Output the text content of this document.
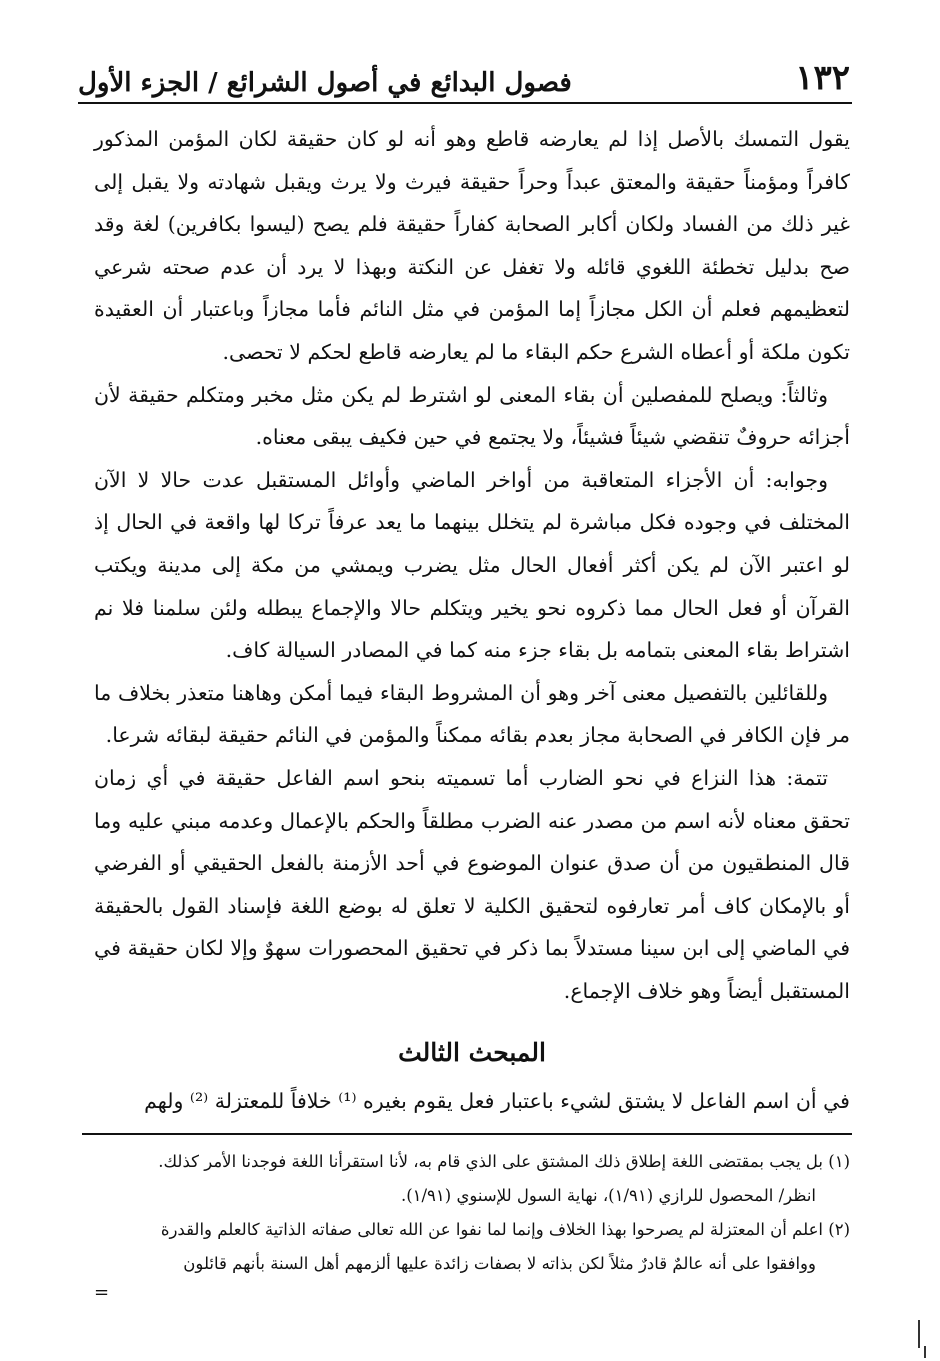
١٣٢
فصول البدائع في أصول الشرائع / الجزء الأول

يقول التمسك بالأصل إذا لم يعارضه قاطع وهو أنه لو كان حقيقة لكان المؤمن المذكور كافراً ومؤمناً حقيقة والمعتق عبداً وحراً حقيقة فيرث ولا يرث ويقبل شهادته ولا يقبل إلى غير ذلك من الفساد ولكان أكابر الصحابة كفاراً حقيقة فلم يصح (ليسوا بكافرين) لغة وقد صح بدليل تخطئة اللغوي قائله ولا تغفل عن النكتة وبهذا لا يرد أن عدم صحته شرعي لتعظيمهم فعلم أن الكل مجازاً إما المؤمن في مثل النائم فأما مجازاً وباعتبار أن العقيدة تكون ملكة أو أعطاه الشرع حكم البقاء ما لم يعارضه قاطع لحكم لا تحصى.

وثالثاً: ويصلح للمفصلين أن بقاء المعنى لو اشترط لم يكن مثل مخبر ومتكلم حقيقة لأن أجزائه حروفٌ تنقضي شيئاً فشيئاً، ولا يجتمع في حين فكيف يبقى معناه.

وجوابه: أن الأجزاء المتعاقبة من أواخر الماضي وأوائل المستقبل عدت حالا لا الآن المختلف في وجوده فكل مباشرة لم يتخلل بينهما ما يعد عرفاً تركا لها واقعة في الحال إذ لو اعتبر الآن لم يكن أكثر أفعال الحال مثل يضرب ويمشي من مكة إلى مدينة ويكتب القرآن أو فعل الحال مما ذكروه نحو يخير ويتكلم حالا والإجماع يبطله ولئن سلمنا فلا نم اشتراط بقاء المعنى بتمامه بل بقاء جزء منه كما في المصادر السيالة كاف.

وللقائلين بالتفصيل معنى آخر وهو أن المشروط البقاء فيما أمكن وهاهنا متعذر بخلاف ما مر فإن الكافر في الصحابة مجاز بعدم بقائه ممكناً والمؤمن في النائم حقيقة لبقائه شرعا.

تتمة: هذا النزاع في نحو الضارب أما تسميته بنحو اسم الفاعل حقيقة في أي زمان تحقق معناه لأنه اسم من مصدر عنه الضرب مطلقاً والحكم بالإعمال وعدمه مبني عليه وما قال المنطقيون من أن صدق عنوان الموضوع في أحد الأزمنة بالفعل الحقيقي أو الفرضي أو بالإمكان كاف أمر تعارفوه لتحقيق الكلية لا تعلق له بوضع اللغة فإسناد القول بالحقيقة في الماضي إلى ابن سينا مستدلاً بما ذكر في تحقيق المحصورات سهوٌ وإلا لكان حقيقة في المستقبل أيضاً وهو خلاف الإجماع.

المبحث الثالث
في أن اسم الفاعل لا يشتق لشيء باعتبار فعل يقوم بغيره ⁽¹⁾ خلافاً للمعتزلة ⁽²⁾ ولهم

(١) بل يجب بمقتضى اللغة إطلاق ذلك المشتق على الذي قام به، لأنا استقرأنا اللغة فوجدنا الأمر كذلك.

انظر/ المحصول للرازي (١/٩١)، نهاية السول للإسنوي (١/٩١).

(٢) اعلم أن المعتزلة لم يصرحوا بهذا الخلاف وإنما لما نفوا عن الله تعالى صفاته الذاتية كالعلم والقدرة

ووافقوا على أنه عالمٌ قادرٌ مثلاً لكن بذاته لا بصفات زائدة عليها ألزمهم أهل السنة بأنهم قائلون

=
